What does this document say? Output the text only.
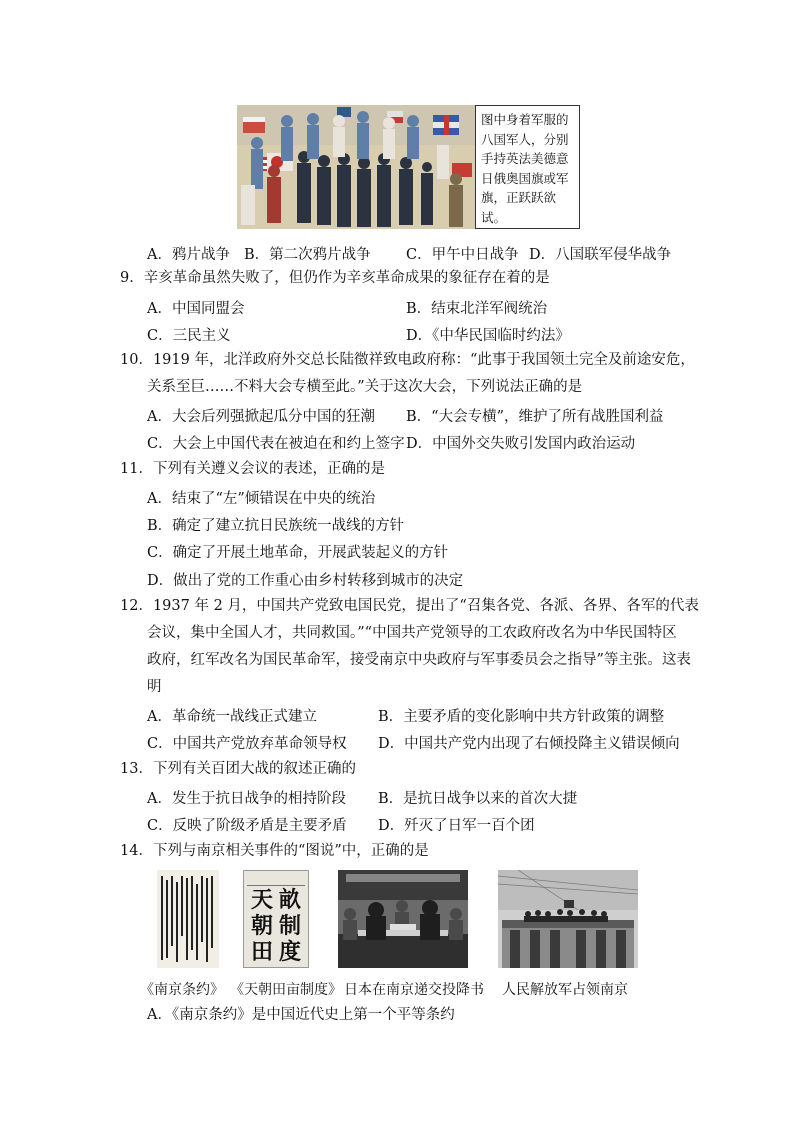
图中身着军服的
八国军人，分别
手持英法美德意
日俄奥国旗或军
旗，正跃跃欲试。
A．鸦片战争 B．第二次鸦片战争 C．甲午中日战争 D．八国联军侵华战争
9．辛亥革命虽然失败了，但仍作为辛亥革命成果的象征存在着的是
A．中国同盟会	B．结束北洋军阀统治
C．三民主义	D．《中华民国临时约法》
10．1919 年，北洋政府外交总长陆徵祥致电政府称：“此事于我国领土完全及前途安危，
关系至巨……不料大会专横至此。”关于这次大会，下列说法正确的是
A．大会后列强掀起瓜分中国的狂潮 B．“大会专横”，维护了所有战胜国利益
C．大会上中国代表在被迫在和约上签字 D．中国外交失败引发国内政治运动
11．下列有关遵义会议的表述，正确的是
A．结束了“左”倾错误在中央的统治
B．确定了建立抗日民族统一战线的方针
C．确定了开展土地革命，开展武装起义的方针
D．做出了党的工作重心由乡村转移到城市的决定
12．1937 年 2 月，中国共产党致电国民党，提出了“召集各党、各派、各界、各军的代表
会议，集中全国人才，共同救国。”“中国共产党领导的工农政府改名为中华民国特区
政府，红军改名为国民革命军，接受南京中央政府与军事委员会之指导”等主张。这表
明
A．革命统一战线正式建立	B．主要矛盾的变化影响中共方针政策的调整
C．中国共产党放弃革命领导权 D．中国共产党内出现了右倾投降主义错误倾向
13．下列有关百团大战的叙述正确的
A．发生于抗日战争的相持阶段 B．是抗日战争以来的首次大捷
C．反映了阶级矛盾是主要矛盾 D．歼灭了日军一百个团
14．下列与南京相关事件的“图说”中，正确的是
天
朝
田
畝
制
度
《南京条约》 《天朝田亩制度》 日本在南京递交投降书 人民解放军占领南京
A．《南京条约》是中国近代史上第一个平等条约
